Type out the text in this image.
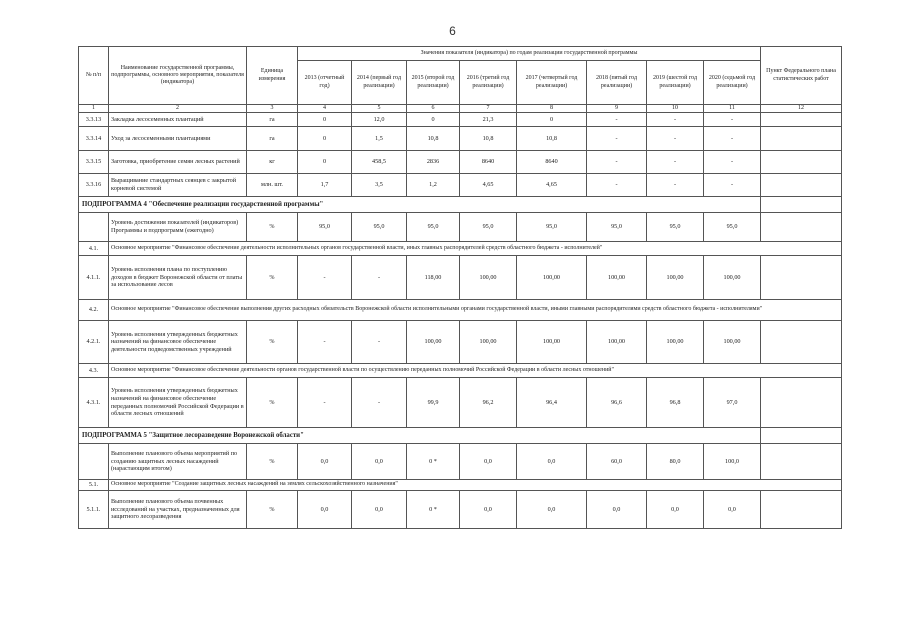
6
№ п/п	Наименование государственной программы, подпрограммы, основного мероприятия, показателя (индикатора)	Единица измерения	Значения показателя (индикатора) по годам реализации государственной программы								Пункт Федерального плана статистических работ
			2013 (отчетный год)	2014 (первый год реализации)	2015 (второй год реализации)	2016 (третий год реализации)	2017 (четвертый год реализации)	2018 (пятый год реализации)	2019 (шестой год реализации)	2020 (седьмой год реализации)	
1	2	3	4	5	6	7	8	9	10	11	12
3.3.13	Закладка лесосеменных плантаций	га	0	12,0	0	21,3	0	-	-	-	
3.3.14	Уход за лесосеменными плантациями	га	0	1,5	10,8	10,8	10,8	-	-	-	
3.3.15	Заготовка, приобретение семян лесных растений	кг	0	458,5	2836	8640	8640	-	-	-	
3.3.16	Выращивание стандартных сеянцев с закрытой корневой системой	млн. шт.	1,7	3,5	1,2	4,65	4,65	-	-	-	
ПОДПРОГРАММА 4 "Обеспечение реализации государственной программы"											
	Уровень достижения показателей (индикаторов) Программы и подпрограмм (ежегодно)	%	95,0	95,0	95,0	95,0	95,0	95,0	95,0	95,0	
4.1.	Основное мероприятие "Финансовое обеспечение деятельности исполнительных органов государственной власти, иных главных распорядителей средств областного бюджета - исполнителей"										
4.1.1.	Уровень исполнения плана по поступлению доходов в бюджет Воронежской области от платы за использование лесов	%	-	-	118,00	100,00	100,00	100,00	100,00	100,00	
4.2.	Основное мероприятие "Финансовое обеспечение выполнения других расходных обязательств Воронежской области исполнительными органами государственной власти, иными главными распорядителями средств областного бюджета - исполнителями"										
4.2.1.	Уровень исполнения утвержденных бюджетных назначений на финансовое обеспечение деятельности подведомственных учреждений	%	-	-	100,00	100,00	100,00	100,00	100,00	100,00	
4.3.	Основное мероприятие "Финансовое обеспечение деятельности органов государственной власти по осуществлению переданных полномочий Российской Федерации в области лесных отношений"										
4.3.1.	Уровень исполнения утвержденных бюджетных назначений на финансовое обеспечение переданных полномочий Российской Федерации в области лесных отношений	%	-	-	99,9	96,2	96,4	96,6	96,8	97,0	
ПОДПРОГРАММА 5 "Защитное лесоразведение Воронежской области"											
	Выполнение планового объема мероприятий по созданию защитных лесных насаждений (нарастающим итогом)	%	0,0	0,0	0 *	0,0	0,0	60,0	80,0	100,0	
5.1.	Основное мероприятие "Создание защитных лесных насаждений на землях сельскохозяйственного назначения"										
5.1.1.	Выполнение планового объема почвенных исследований на участках, предназначенных для защитного лесоразведения	%	0,0	0,0	0 *	0,0	0,0	0,0	0,0	0,0	
